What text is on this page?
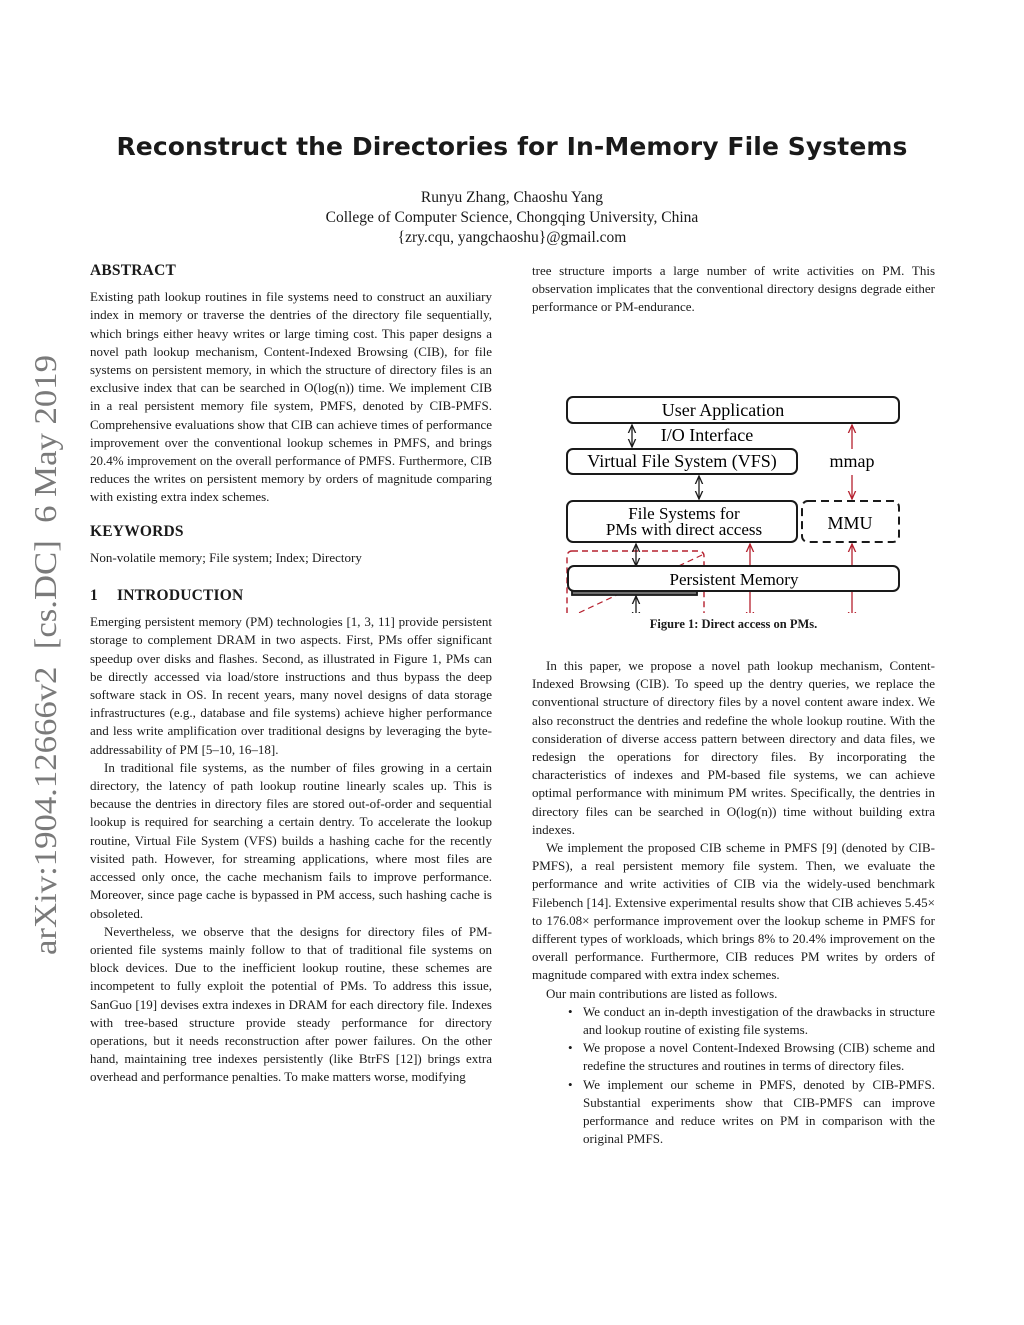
Reconstruct the Directories for In-Memory File Systems
Runyu Zhang, Chaoshu Yang
College of Computer Science, Chongqing University, China
{zry.cqu, yangchaoshu}@gmail.com
arXiv:1904.12666v2  [cs.DC]  6 May 2019
ABSTRACT

Existing path lookup routines in file systems need to construct an auxiliary index in memory or traverse the dentries of the directory file sequentially, which brings either heavy writes or large timing cost. This paper designs a novel path lookup mechanism, Content-Indexed Browsing (CIB), for file systems on persistent memory, in which the structure of directory files is an exclusive index that can be searched in O(log(n)) time. We implement CIB in a real persistent memory file system, PMFS, denoted by CIB-PMFS. Comprehensive evaluations show that CIB can achieve times of performance improvement over the conventional lookup schemes in PMFS, and brings 20.4% improvement on the overall performance of PMFS. Furthermore, CIB reduces the writes on persistent memory by orders of magnitude comparing with existing extra index schemes.

KEYWORDS

Non-volatile memory; File system; Index; Directory

1 INTRODUCTION

Emerging persistent memory (PM) technologies [1, 3, 11] provide persistent storage to complement DRAM in two aspects. First, PMs offer significant speedup over disks and flashes. Second, as illustrated in Figure 1, PMs can be directly accessed via load/store instructions and thus bypass the deep software stack in OS. In recent years, many novel designs of data storage infrastructures (e.g., database and file systems) achieve higher performance and less write amplification over traditional designs by leveraging the byte-addressability of PM [5–10, 16–18].

In traditional file systems, as the number of files growing in a certain directory, the latency of path lookup routine linearly scales up. This is because the dentries in directory files are stored out-of-order and sequential lookup is required for searching a certain dentry. To accelerate the lookup routine, Virtual File System (VFS) builds a hashing cache for the recently visited path. However, for streaming applications, where most files are accessed only once, the cache mechanism fails to improve performance. Moreover, since page cache is bypassed in PM access, such hashing cache is obsoleted.

Nevertheless, we observe that the designs for directory files of PM-oriented file systems mainly follow to that of traditional file systems on block devices. Due to the inefficient lookup routine, these schemes are incompetent to fully exploit the potential of PMs. To address this issue, SanGuo [19] devises extra indexes in DRAM for each directory file. Indexes with tree-based structure provide steady performance for directory operations, but it needs reconstruction after power failures. On the other hand, maintaining tree indexes persistently (like BtrFS [12]) brings extra overhead and performance penalties. To make matters worse, modifying

tree structure imports a large number of write activities on PM. This observation implicates that the conventional directory designs degrade either performance or PM-endurance.

User Application
I/O Interface
Virtual File System (VFS)	mmap
File Systems for
PMs with direct access	MMU
Persistent Memory
Figure 1: Direct access on PMs.

In this paper, we propose a novel path lookup mechanism, Content-Indexed Browsing (CIB). To speed up the dentry queries, we replace the conventional structure of directory files by a novel content aware index. We also reconstruct the dentries and redefine the whole lookup routine. With the consideration of diverse access pattern between directory and data files, we redesign the operations for directory files. By incorporating the characteristics of indexes and PM-based file systems, we can achieve optimal performance with minimum PM writes. Specifically, the dentries in directory files can be searched in O(log(n)) time without building extra indexes.

We implement the proposed CIB scheme in PMFS [9] (denoted by CIB-PMFS), a real persistent memory file system. Then, we evaluate the performance and write activities of CIB via the widely-used benchmark Filebench [14]. Extensive experimental results show that CIB achieves 5.45× to 176.08× performance improvement over the lookup scheme in PMFS for different types of workloads, which brings 8% to 20.4% improvement on the overall performance. Furthermore, CIB reduces PM writes by orders of magnitude compared with extra index schemes.

Our main contributions are listed as follows.

• We conduct an in-depth investigation of the drawbacks in structure and lookup routine of existing file systems.
• We propose a novel Content-Indexed Browsing (CIB) scheme and redefine the structures and routines in terms of directory files.
• We implement our scheme in PMFS, denoted by CIB-PMFS. Substantial experiments show that CIB-PMFS can improve performance and reduce writes on PM in comparison with the original PMFS.
